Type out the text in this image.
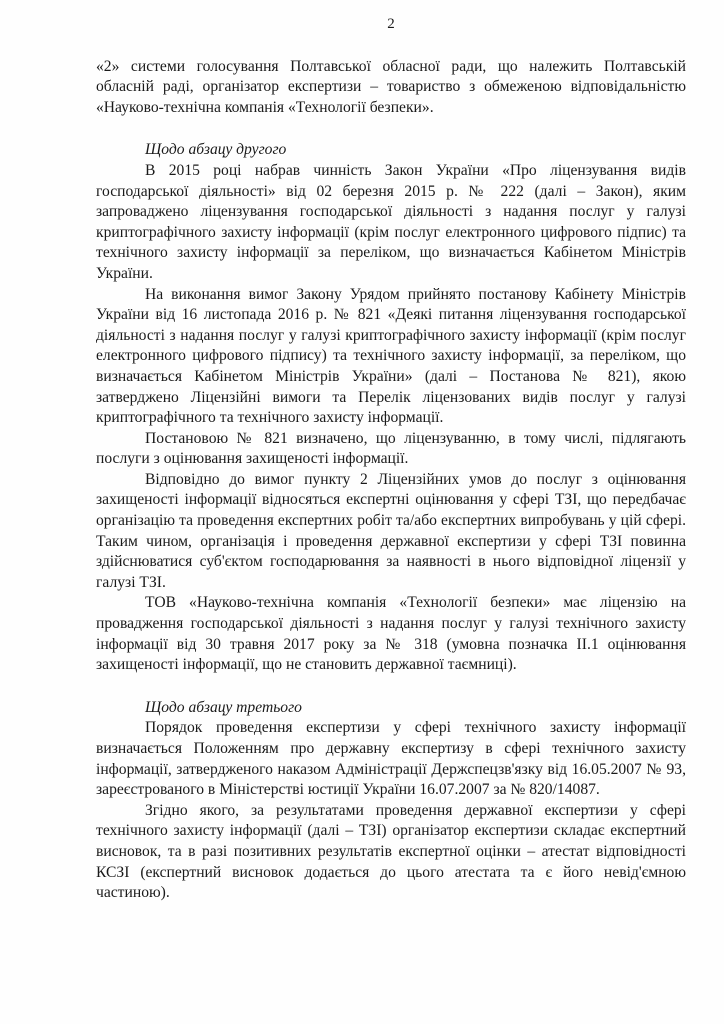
2

«2» системи голосування Полтавської обласної ради, що належить Полтавській обласній раді, організатор експертизи – товариство з обмеженою відповідальністю «Науково-технічна компанія «Технології безпеки».

Щодо абзацу другого

В 2015 році набрав чинність Закон України «Про ліцензування видів господарської діяльності» від 02 березня 2015 р. № 222 (далі – Закон), яким запроваджено ліцензування господарської діяльності з надання послуг у галузі криптографічного захисту інформації (крім послуг електронного цифрового підпис) та технічного захисту інформації за переліком, що визначається Кабінетом Міністрів України.

На виконання вимог Закону Урядом прийнято постанову Кабінету Міністрів України від 16 листопада 2016 р. № 821 «Деякі питання ліцензування господарської діяльності з надання послуг у галузі криптографічного захисту інформації (крім послуг електронного цифрового підпису) та технічного захисту інформації, за переліком, що визначається Кабінетом Міністрів України» (далі – Постанова № 821), якою затверджено Ліцензійні вимоги та Перелік ліцензованих видів послуг у галузі криптографічного та технічного захисту інформації.

Постановою № 821 визначено, що ліцензуванню, в тому числі, підлягають послуги з оцінювання захищеності інформації.

Відповідно до вимог пункту 2 Ліцензійних умов до послуг з оцінювання захищеності інформації відносяться експертні оцінювання у сфері ТЗІ, що передбачає організацію та проведення експертних робіт та/або експертних випробувань у цій сфері. Таким чином, організація і проведення державної експертизи у сфері ТЗІ повинна здійснюватися суб'єктом господарювання за наявності в нього відповідної ліцензії у галузі ТЗІ.

ТОВ «Науково-технічна компанія «Технології безпеки» має ліцензію на провадження господарської діяльності з надання послуг у галузі технічного захисту інформації від 30 травня 2017 року за № 318 (умовна позначка ІІ.1 оцінювання захищеності інформації, що не становить державної таємниці).

Щодо абзацу третього

Порядок проведення експертизи у сфері технічного захисту інформації визначається Положенням про державну експертизу в сфері технічного захисту інформації, затвердженого наказом Адміністрації Держспецзв'язку від 16.05.2007 № 93, зареєстрованого в Міністерстві юстиції України 16.07.2007 за № 820/14087.

Згідно якого, за результатами проведення державної експертизи у сфері технічного захисту інформації (далі – ТЗІ) організатор експертизи складає експертний висновок, та в разі позитивних результатів експертної оцінки – атестат відповідності КСЗІ (експертний висновок додається до цього атестата та є його невід'ємною частиною).
